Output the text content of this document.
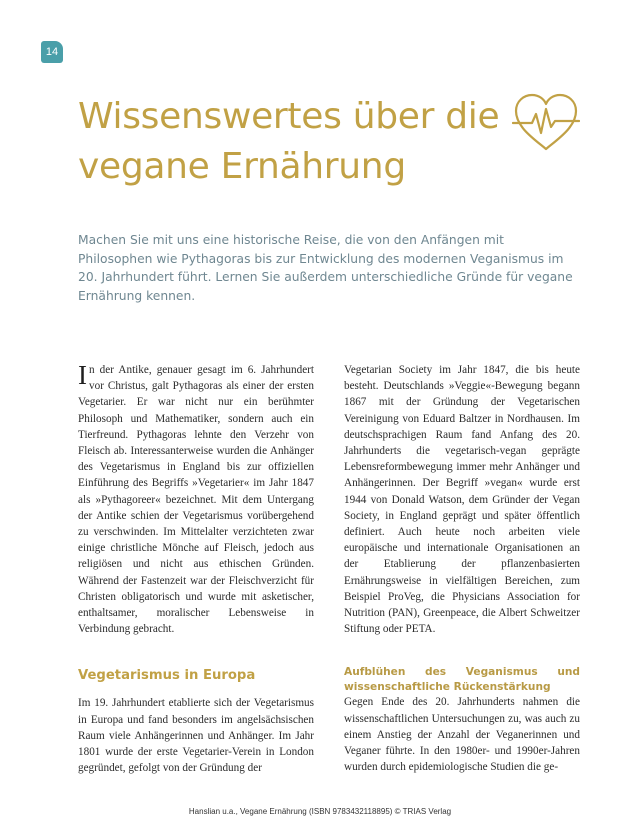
14
Wissenswertes über die
vegane Ernährung

Machen Sie mit uns eine historische Reise, die von den Anfängen mit Philosophen wie Pythagoras bis zur Entwicklung des modernen Veganismus im 20. Jahrhundert führt. Lernen Sie außerdem unterschiedliche Gründe für vegane Ernährung kennen.

In der Antike, genauer gesagt im 6. Jahrhundert vor Christus, galt Pythagoras als einer der ersten Vegetarier. Er war nicht nur ein berühmter Philosoph und Mathematiker, sondern auch ein Tierfreund. Pythagoras lehnte den Verzehr von Fleisch ab. Interessanterweise wurden die Anhänger des Vegetarismus in England bis zur offiziellen Einführung des Begriffs »Vegetarier« im Jahr 1847 als »Pythagoreer« bezeichnet. Mit dem Untergang der Antike schien der Vegetarismus vorübergehend zu verschwinden. Im Mittelalter verzichteten zwar einige christliche Mönche auf Fleisch, jedoch aus religiösen und nicht aus ethischen Gründen. Während der Fastenzeit war der Fleischverzicht für Christen obligatorisch und wurde mit asketischer, enthaltsamer, moralischer Lebensweise in Verbindung gebracht.

Vegetarismus in Europa

Im 19. Jahrhundert etablierte sich der Vegetarismus in Europa und fand besonders im angelsächsischen Raum viele Anhängerinnen und Anhänger. Im Jahr 1801 wurde der erste Vegetarier-Verein in London gegründet, gefolgt von der Gründung der

Vegetarian Society im Jahr 1847, die bis heute besteht. Deutschlands »Veggie«-Bewegung begann 1867 mit der Gründung der Vegetarischen Vereinigung von Eduard Baltzer in Nordhausen. Im deutschsprachigen Raum fand Anfang des 20. Jahrhunderts die vegetarisch-vegan geprägte Lebensreformbewegung immer mehr Anhänger und Anhängerinnen. Der Begriff »vegan« wurde erst 1944 von Donald Watson, dem Gründer der Vegan Society, in England geprägt und später öffentlich definiert. Auch heute noch arbeiten viele europäische und internationale Organisationen an der Etablierung der pflanzenbasierten Ernährungsweise in vielfältigen Bereichen, zum Beispiel ProVeg, die Physicians Association for Nutrition (PAN), Greenpeace, die Albert Schweitzer Stiftung oder PETA.

Aufblühen des Veganismus und wissenschaftliche Rückenstärkung

Gegen Ende des 20. Jahrhunderts nahmen die wissenschaftlichen Untersuchungen zu, was auch zu einem Anstieg der Anzahl der Veganerinnen und Veganer führte. In den 1980er- und 1990er-Jahren wurden durch epidemiologische Studien die ge-

Hanslian u.a., Vegane Ernährung (ISBN 9783432118895) © TRIAS Verlag
